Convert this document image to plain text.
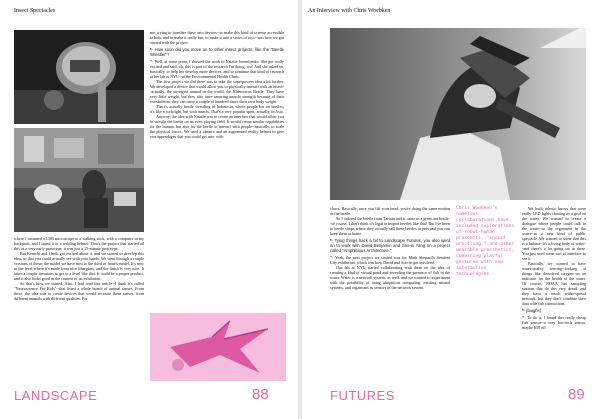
Insect Spectacles

where I mounted a USB microscope to a walking stick, with a computer in my backpack, and I taped it to a welding helmet. That's the project that started all this as a very early prototype; it was just a 15-minute prototype.

But Kenichi and I both got excited about it, and we started to develop this idea, so that you could actually see with your hands. We went through a couple versions of these; the model we have now is the third or fourth model. It's now to the level where it's made from nice fiberglass, and the finish is very nice. It takes a couple iterations to get to a level like that. It could be a proper product, and it also looks good in the context of an exhibition.

So that's how we started. Also, I had read this article--I think it's called "Neuroscience For Kids"--that listed a whole bunch of animal senses. From there, the idea was to create devices that would recreate those senses, from different animals with different qualities. For

me, trying to translate these into devices--to make this kind of science accessible to kids, and to make it really fun, to make it into a series of toys--was how we got started with the project.

*· How soon did you move on to other insect projects, like the "Beetle Wrestler"?

*· Well, at some point, I showed the work to Natalie Jeremijenko. She got really excited and said, oh, this is part of the research I'm doing, too! And she asked us, basically, to help her develop more devices, and to continue that kind of research at her lab at NYU--at the Environmental Health Clinic.

The first project we did there was to take the superpowers idea a bit further. We developed a device that would allow you to physically interact with an insect--actually, the strongest animal in the world, the Rhinoceros Beetle. They have very little weight, but they also have amazing muscle strength because of their exoskeleton; they can carry a couple of hundred times their own body weight.

There's actually beetle wrestling in Indonesia, where people bet on beetles; it's like a cockfight, but with insects. That's a very popular sport, actually, in Asia.

Anyway, the idea with Natalie was to create an interface that would allow you to wrestle the beetle on an even playing field. It would create similar capabilities for the human, but also for the beetle to interact with people--basically, to scale the physical forces. We used a camera and an augmented reality helmet to give you appendages that you could get into, with

LANDSCAPE	88
An Interview with Chris Woebken

claws. Basically, once you lift your head, you're doing the same motion as the beetle.

So I ordered the beetle from Taiwan and it came in a green tea bottle--of course, I don't think it's legal to import beetles like that! But I've been to beetle shops where they actually sell these beetles as pets and you can keep them at home.

*· Tying things back a bit to Landscape Futures, you also went on to work with David Benjamin and Soo-in Yang on a project called "Amphibious Architecture."

*· Yeah, the next project we started was for Mark Shepard's Sentient City exhibition, which was how David and Soo-in got involved.

Our lab at NYU started collaborating with them on the idea of creating a kind of virtual pond and revealing the presence of fish in the water. Water is a network system, as well, and we wanted to experiment with the possibility of using ubiquitous computing; existing natural systems, and organisms as sensors in the network system.

Chris Woebken's numerous collaborations have included explorations of robot-human proxemics, "insect wrestling," and other wearable prosthetics, combining playful gestures with new interactive technologies.

We built robotic buoys that were really LED lights floating as a grid on the water. We wanted to create a dialogue where people could talk to the water--to the organisms in the water--as a new kind of public spectacle. We wanted to show that this is a habitat--it's a living body of water--and there's a lot going on in there. You just need some sort of interface to see it.

Basically, we wanted to have water-quality sensing--looking at things like dissolved oxygen--as an indicator for the health of the water. Of course, NOAA has sampling stations that do this very detail, and they have a much wider-spread network, but they don't combine their data with fish interactions.

*· [laughs]

*· To do it, I found this really cheap fish sensor--a very low-tech sensor, maybe $50 off

FUTURES	89
